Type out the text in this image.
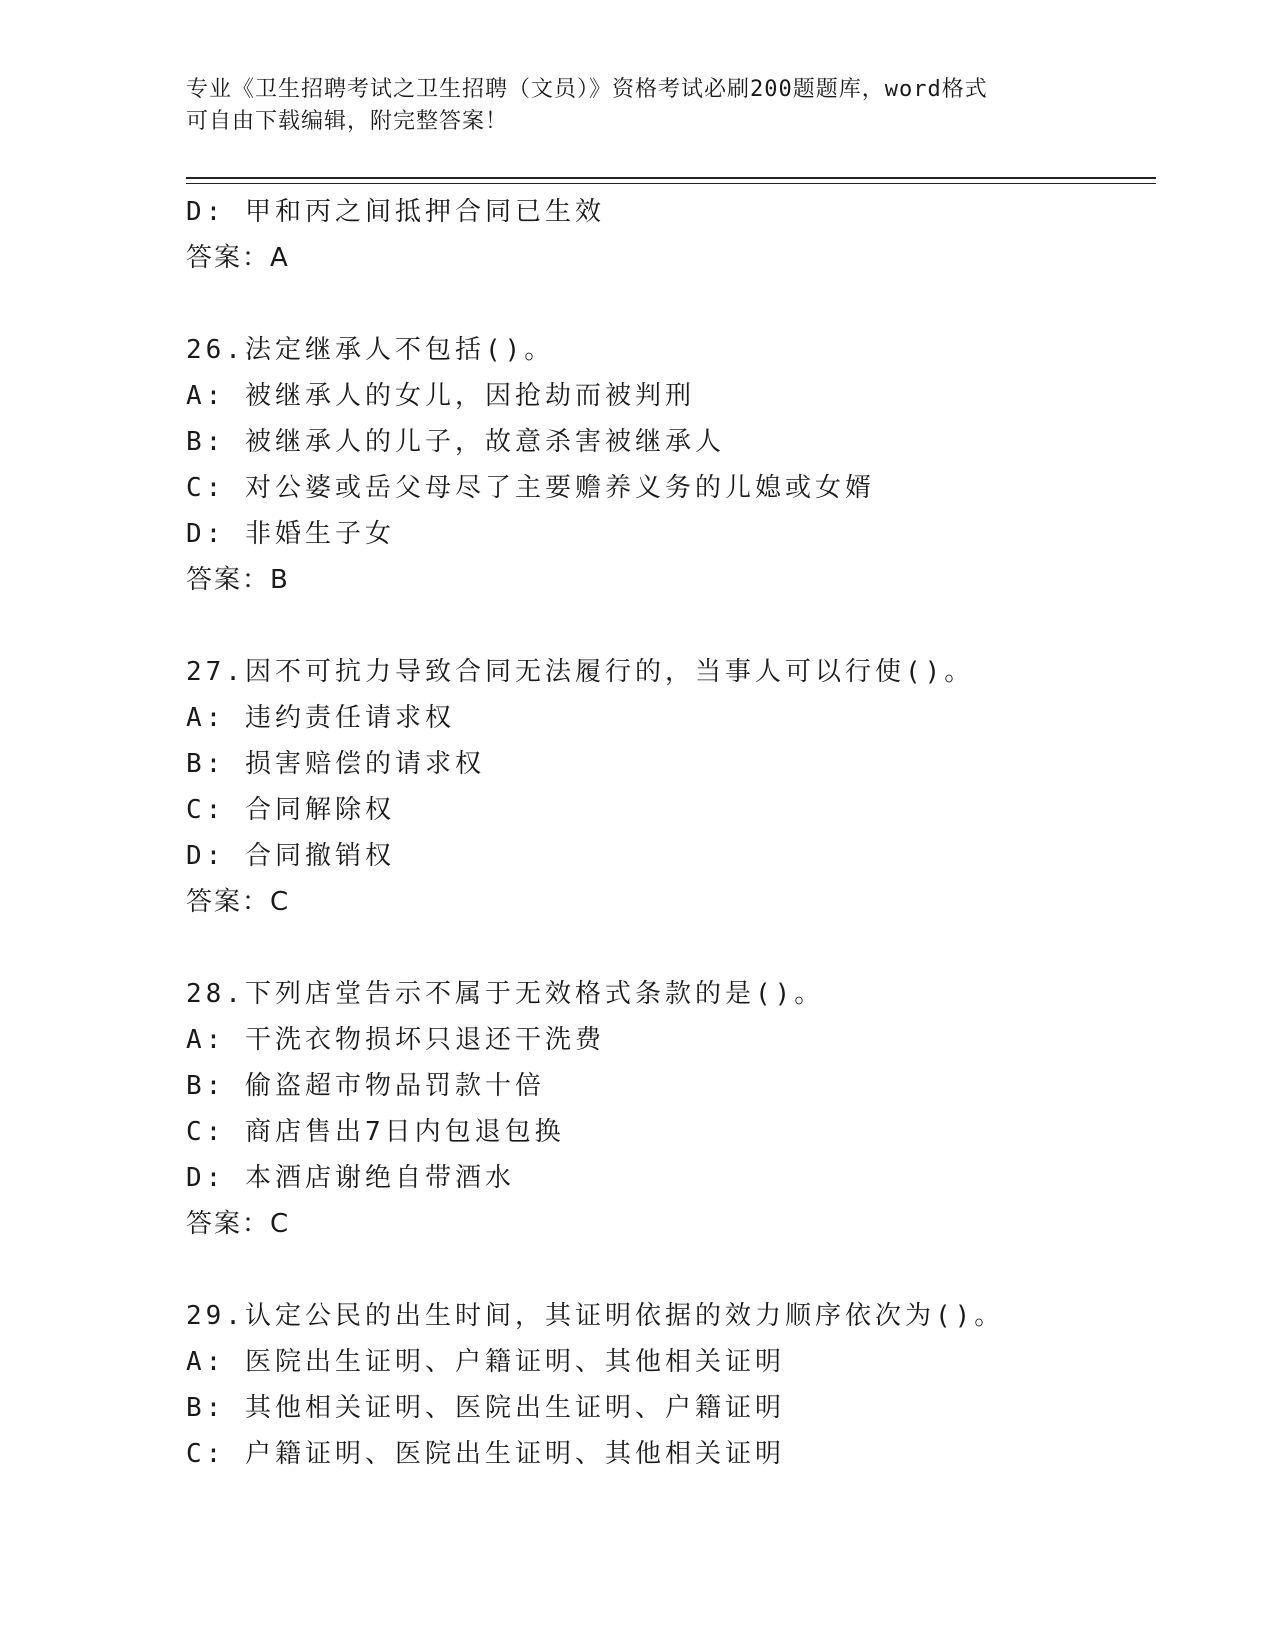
专业《卫生招聘考试之卫生招聘（文员）》资格考试必刷200题题库，word格式
可自由下载编辑，附完整答案！
D: 甲和丙之间抵押合同已生效
答案：A
26.法定继承人不包括()。
A: 被继承人的女儿，因抢劫而被判刑
B: 被继承人的儿子，故意杀害被继承人
C: 对公婆或岳父母尽了主要赡养义务的儿媳或女婿
D: 非婚生子女
答案：B
27.因不可抗力导致合同无法履行的，当事人可以行使()。
A: 违约责任请求权
B: 损害赔偿的请求权
C: 合同解除权
D: 合同撤销权
答案：C
28.下列店堂告示不属于无效格式条款的是()。
A: 干洗衣物损坏只退还干洗费
B: 偷盗超市物品罚款十倍
C: 商店售出7日内包退包换
D: 本酒店谢绝自带酒水
答案：C
29.认定公民的出生时间，其证明依据的效力顺序依次为()。
A: 医院出生证明、户籍证明、其他相关证明
B: 其他相关证明、医院出生证明、户籍证明
C: 户籍证明、医院出生证明、其他相关证明
